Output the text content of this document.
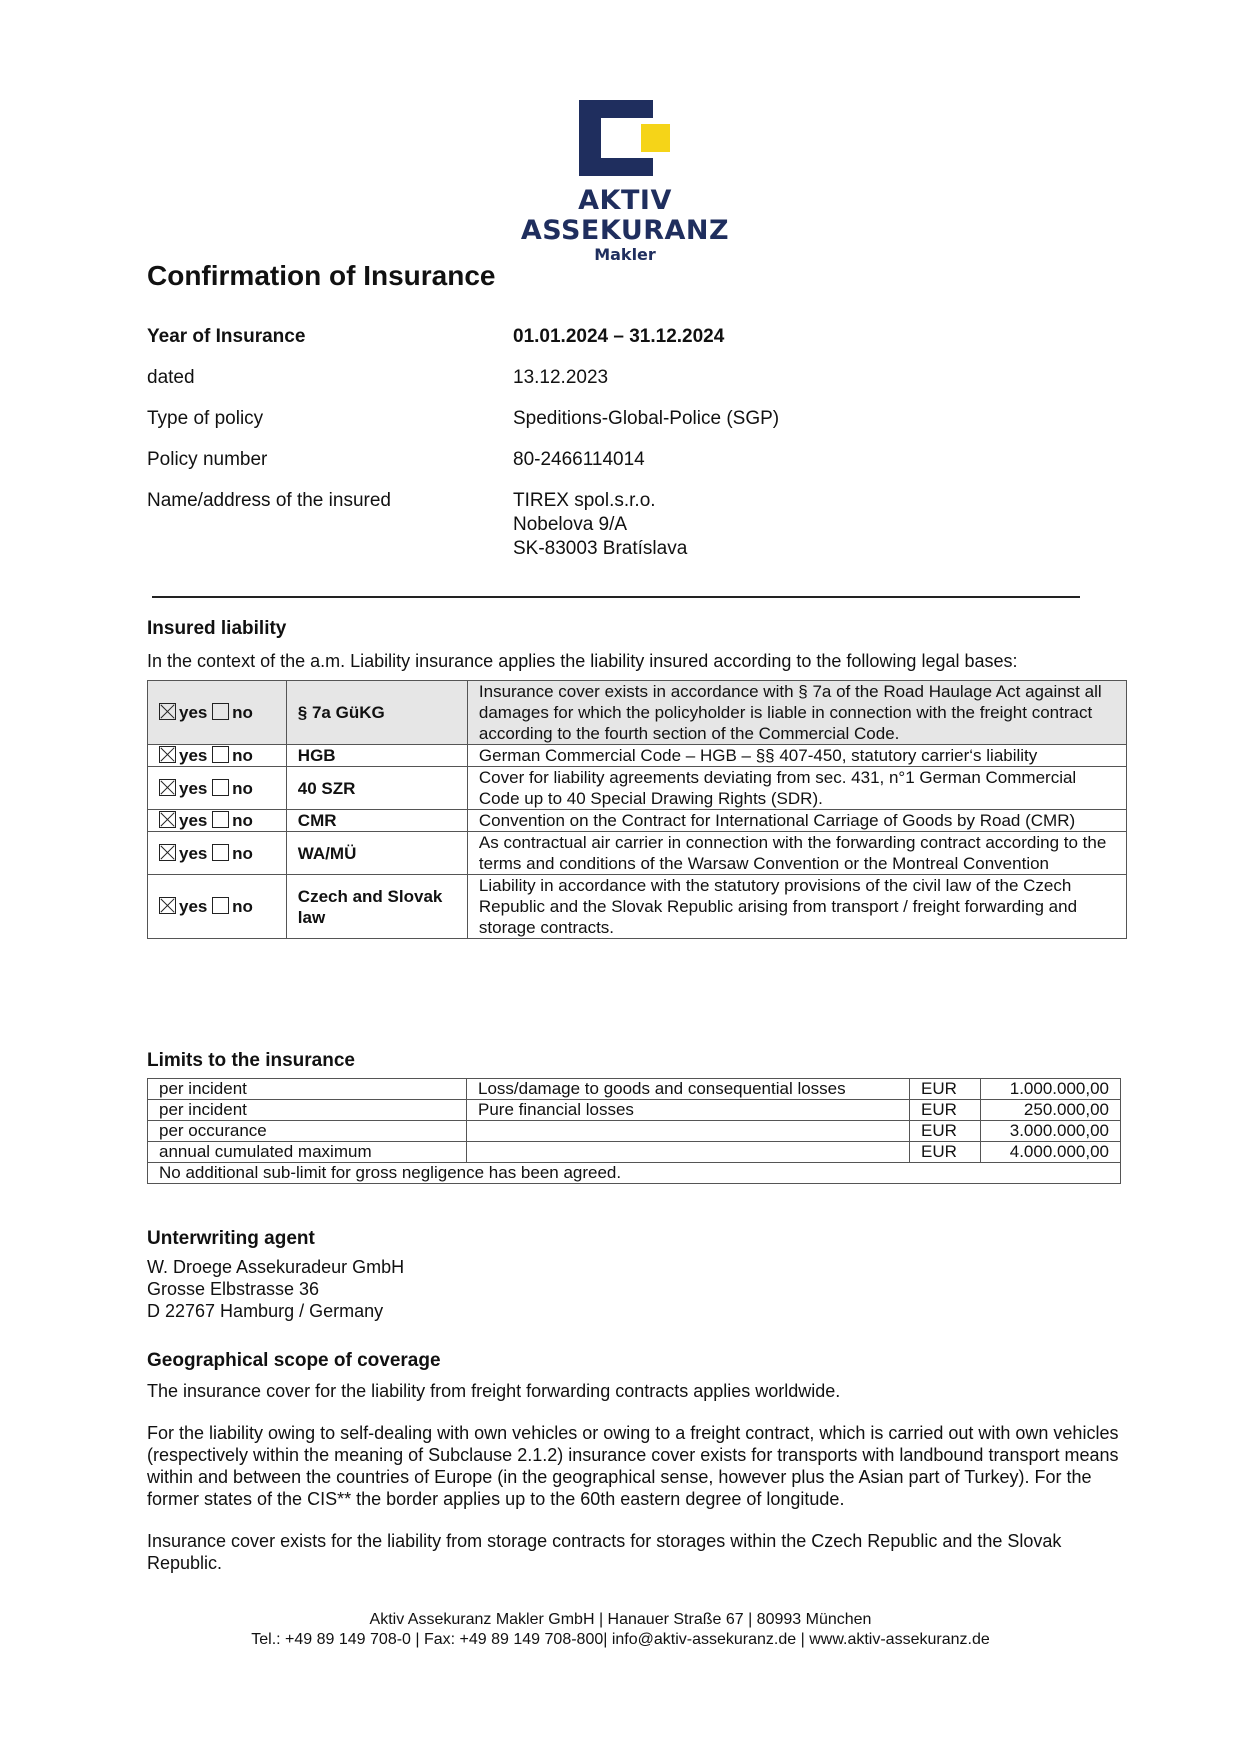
AKTIV ASSEKURANZ
Makler
Confirmation of Insurance
Year of Insurance	01.01.2024 – 31.12.2024
dated	13.12.2023
Type of policy	Speditions-Global-Police (SGP)
Policy number	80-2466114014
Name/address of the insured	TIREX spol.s.r.o.
Nobelova 9/A
SK-83003 Bratíslava
Insured liability
In the context of the a.m. Liability insurance applies the liability insured according to the following legal bases:
yes no	§ 7a GüKG	Insurance cover exists in accordance with § 7a of the Road Haulage Act against all damages for which the policyholder is liable in connection with the freight contract according to the fourth section of the Commercial Code.
yes no	HGB	German Commercial Code – HGB – §§ 407-450, statutory carrier‘s liability
yes no	40 SZR	Cover for liability agreements deviating from sec. 431, n°1 German Commercial Code up to 40 Special Drawing Rights (SDR).
yes no	CMR	Convention on the Contract for International Carriage of Goods by Road (CMR)
yes no	WA/MÜ	As contractual air carrier in connection with the forwarding contract according to the terms and conditions of the Warsaw Convention or the Montreal Convention
yes no	Czech and Slovak law	Liability in accordance with the statutory provisions of the civil law of the Czech Republic and the Slovak Republic arising from transport / freight forwarding and storage contracts.
Limits to the insurance
per incident	Loss/damage to goods and consequential losses	EUR	1.000.000,00
per incident	Pure financial losses	EUR	250.000,00
per occurance		EUR	3.000.000,00
annual cumulated maximum		EUR	4.000.000,00
No additional sub-limit for gross negligence has been agreed.			
Unterwriting agent
W. Droege Assekuradeur GmbH
Grosse Elbstrasse 36
D 22767 Hamburg / Germany
Geographical scope of coverage
The insurance cover for the liability from freight forwarding contracts applies worldwide.
For the liability owing to self-dealing with own vehicles or owing to a freight contract, which is carried out with own vehicles (respectively within the meaning of Subclause 2.1.2) insurance cover exists for transports with landbound transport means within and between the countries of Europe (in the geographical sense, however plus the Asian part of Turkey). For the former states of the CIS** the border applies up to the 60th eastern degree of longitude.
Insurance cover exists for the liability from storage contracts for storages within the Czech Republic and the Slovak Republic.
Aktiv Assekuranz Makler GmbH | Hanauer Straße 67 | 80993 München
Tel.: +49 89 149 708-0 | Fax: +49 89 149 708-800| info@aktiv-assekuranz.de | www.aktiv-assekuranz.de
